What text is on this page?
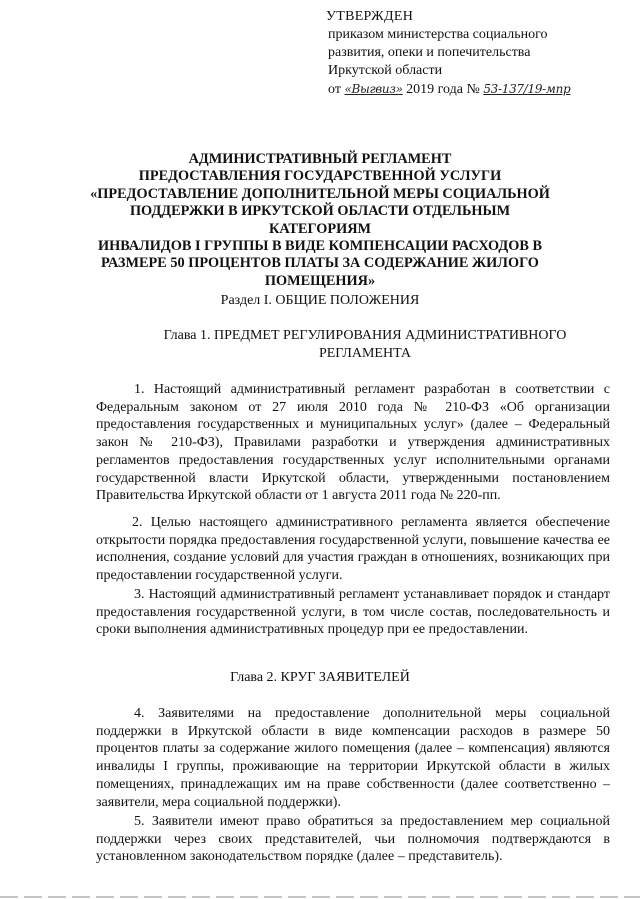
УТВЕРЖДЕН
приказом министерства социального
развития, опеки и попечительства
Иркутской области
от «Выгвиз» 2019 года № 53-137/19-мпр
АДМИНИСТРАТИВНЫЙ РЕГЛАМЕНТ
ПРЕДОСТАВЛЕНИЯ ГОСУДАРСТВЕННОЙ УСЛУГИ
«ПРЕДОСТАВЛЕНИЕ ДОПОЛНИТЕЛЬНОЙ МЕРЫ СОЦИАЛЬНОЙ
ПОДДЕРЖКИ В ИРКУТСКОЙ ОБЛАСТИ ОТДЕЛЬНЫМ КАТЕГОРИЯМ
ИНВАЛИДОВ I ГРУППЫ В ВИДЕ КОМПЕНСАЦИИ РАСХОДОВ В
РАЗМЕРЕ 50 ПРОЦЕНТОВ ПЛАТЫ ЗА СОДЕРЖАНИЕ ЖИЛОГО
ПОМЕЩЕНИЯ»
Раздел I. ОБЩИЕ ПОЛОЖЕНИЯ
Глава 1. ПРЕДМЕТ РЕГУЛИРОВАНИЯ АДМИНИСТРАТИВНОГО
РЕГЛАМЕНТА
1. Настоящий административный регламент разработан в соответствии с Федеральным законом от 27 июля 2010 года № 210-ФЗ «Об организации предоставления государственных и муниципальных услуг» (далее – Федеральный закон № 210-ФЗ), Правилами разработки и утверждения административных регламентов предоставления государственных услуг исполнительными органами государственной власти Иркутской области, утвержденными постановлением Правительства Иркутской области от 1 августа 2011 года № 220-пп.
2. Целью настоящего административного регламента является обеспечение открытости порядка предоставления государственной услуги, повышение качества ее исполнения, создание условий для участия граждан в отношениях, возникающих при предоставлении государственной услуги.
3. Настоящий административный регламент устанавливает порядок и стандарт предоставления государственной услуги, в том числе состав, последовательность и сроки выполнения административных процедур при ее предоставлении.
Глава 2. КРУГ ЗАЯВИТЕЛЕЙ
4. Заявителями на предоставление дополнительной меры социальной поддержки в Иркутской области в виде компенсации расходов в размере 50 процентов платы за содержание жилого помещения (далее – компенсация) являются инвалиды I группы, проживающие на территории Иркутской области в жилых помещениях, принадлежащих им на праве собственности (далее соответственно – заявители, мера социальной поддержки).
5. Заявители имеют право обратиться за предоставлением мер социальной поддержки через своих представителей, чьи полномочия подтверждаются в установленном законодательством порядке (далее – представитель).
